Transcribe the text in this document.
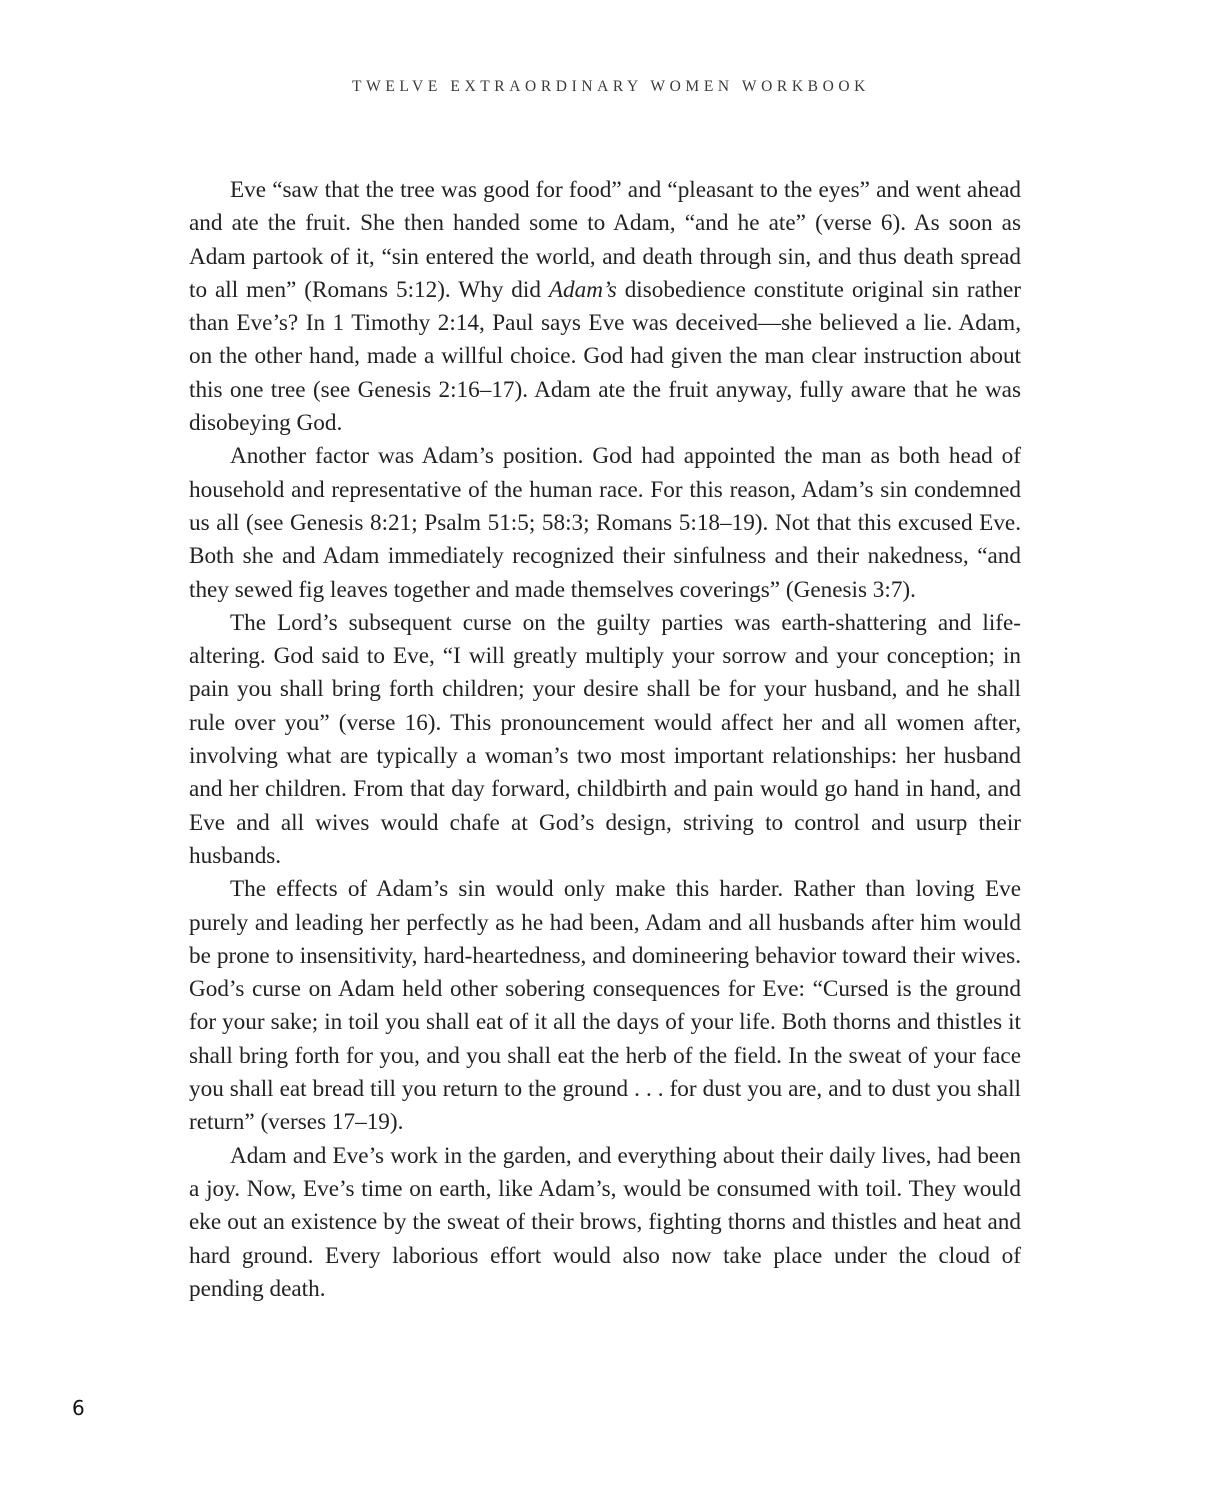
TWELVE EXTRAORDINARY WOMEN WORKBOOK

Eve “saw that the tree was good for food” and “pleasant to the eyes” and went ahead and ate the fruit. She then handed some to Adam, “and he ate” (verse 6). As soon as Adam partook of it, “sin entered the world, and death through sin, and thus death spread to all men” (Romans 5:12). Why did Adam’s disobedience constitute original sin rather than Eve’s? In 1 Timothy 2:14, Paul says Eve was deceived—she believed a lie. Adam, on the other hand, made a willful choice. God had given the man clear instruction about this one tree (see Genesis 2:16–17). Adam ate the fruit anyway, fully aware that he was disobeying God.

Another factor was Adam’s position. God had appointed the man as both head of household and representative of the human race. For this reason, Adam’s sin condemned us all (see Genesis 8:21; Psalm 51:5; 58:3; Romans 5:18–19). Not that this excused Eve. Both she and Adam immediately recognized their sinfulness and their nakedness, “and they sewed fig leaves together and made themselves coverings” (Genesis 3:7).

The Lord’s subsequent curse on the guilty parties was earth-shattering and life-altering. God said to Eve, “I will greatly multiply your sorrow and your conception; in pain you shall bring forth children; your desire shall be for your husband, and he shall rule over you” (verse 16). This pronouncement would affect her and all women after, involving what are typically a woman’s two most important relationships: her husband and her children. From that day forward, childbirth and pain would go hand in hand, and Eve and all wives would chafe at God’s design, striving to control and usurp their husbands.

The effects of Adam’s sin would only make this harder. Rather than loving Eve purely and leading her perfectly as he had been, Adam and all husbands after him would be prone to insensitivity, hard-heartedness, and domineering behavior toward their wives. God’s curse on Adam held other sobering consequences for Eve: “Cursed is the ground for your sake; in toil you shall eat of it all the days of your life. Both thorns and thistles it shall bring forth for you, and you shall eat the herb of the field. In the sweat of your face you shall eat bread till you return to the ground . . . for dust you are, and to dust you shall return” (verses 17–19).

Adam and Eve’s work in the garden, and everything about their daily lives, had been a joy. Now, Eve’s time on earth, like Adam’s, would be consumed with toil. They would eke out an existence by the sweat of their brows, fighting thorns and thistles and heat and hard ground. Every laborious effort would also now take place under the cloud of pending death.

6
